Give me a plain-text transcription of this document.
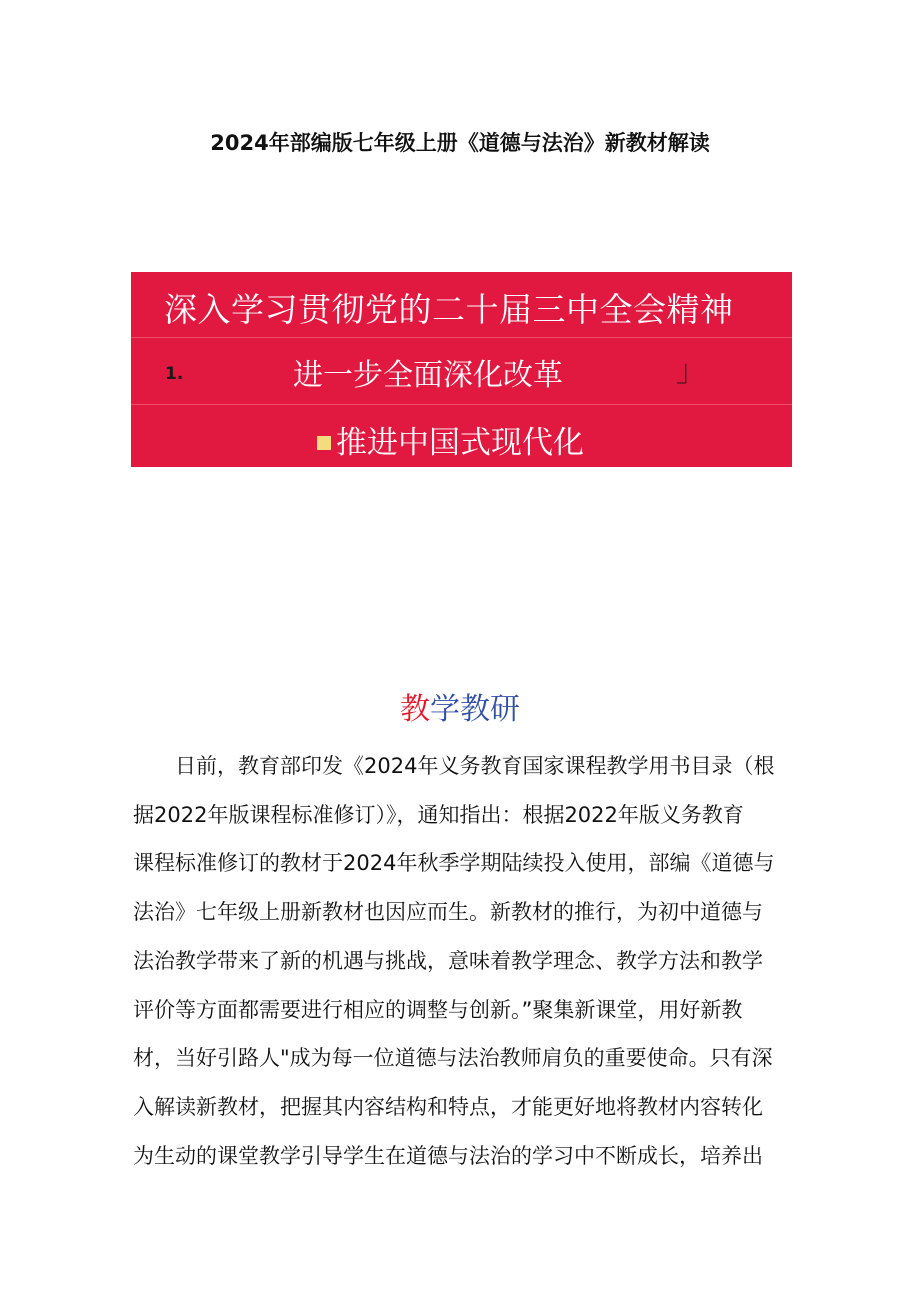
2024年部编版七年级上册《道德与法治》新教材解读
深入学习贯彻党的二十届三中全会精神
1.	进一步全面深化改革	」
推进中国式现代化
教学教研
日前，教育部印发《2024年义务教育国家课程教学用书目录（根
据2022年版课程标准修订）》，通知指出：根据2022年版义务教育
课程标准修订的教材于2024年秋季学期陆续投入使用，部编《道德与
法治》七年级上册新教材也因应而生。新教材的推行，为初中道德与
法治教学带来了新的机遇与挑战，意味着教学理念、教学方法和教学
评价等方面都需要进行相应的调整与创新。”聚集新课堂，用好新教
材，当好引路人"成为每一位道德与法治教师肩负的重要使命。只有深
入解读新教材，把握其内容结构和特点，才能更好地将教材内容转化
为生动的课堂教学引导学生在道德与法治的学习中不断成长，培养出
